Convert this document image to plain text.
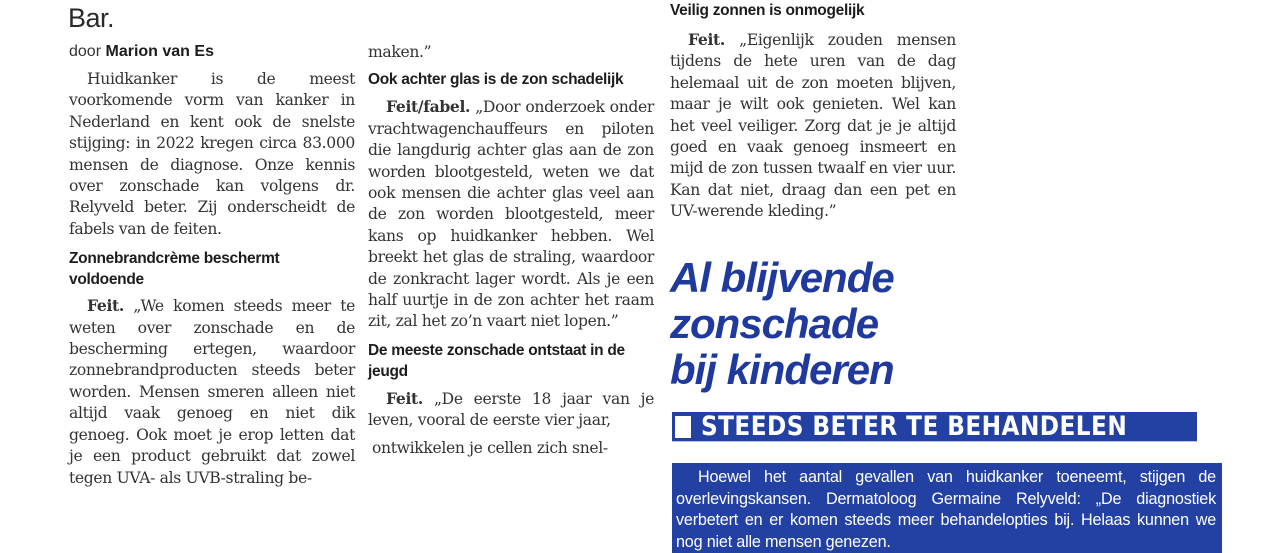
Bar.
door Marion van Es

Huidkanker is de meest voorkomende vorm van kanker in Nederland en kent ook de snelste stijging: in 2022 kregen circa 83.000 mensen de diagnose. Onze kennis over zonschade kan volgens dr. Relyveld beter. Zij onderscheidt de fabels van de feiten.

Zonnebrandcrème beschermt voldoende

Feit. „We komen steeds meer te weten over zonschade en de bescherming ertegen, waardoor zonnebrandproducten steeds beter worden. Mensen smeren alleen niet altijd vaak genoeg en niet dik genoeg. Ook moet je erop letten dat je een product gebruikt dat zowel tegen UVA- als UVB-straling be-

maken.”

Ook achter glas is de zon schadelijk

Feit/fabel. „Door onderzoek onder vrachtwagenchauffeurs en piloten die langdurig achter glas aan de zon worden blootgesteld, weten we dat ook mensen die achter glas veel aan de zon worden blootgesteld, meer kans op huidkanker hebben. Wel breekt het glas de straling, waardoor de zonkracht lager wordt. Als je een half uurtje in de zon achter het raam zit, zal het zo’n vaart niet lopen.”

De meeste zonschade ontstaat in de jeugd

Feit. „De eerste 18 jaar van je leven, vooral de eerste vier jaar,

ontwikkelen je cellen zich snel-

Veilig zonnen is onmogelijk

Feit. „Eigenlijk zouden mensen tijdens de hete uren van de dag helemaal uit de zon moeten blijven, maar je wilt ook genieten. Wel kan het veel veiliger. Zorg dat je je altijd goed en vaak genoeg insmeert en mijd de zon tussen twaalf en vier uur. Kan dat niet, draag dan een pet en UV-werende kleding.”

Al blijvende
zonschade
bij kinderen
STEEDS BETER TE BEHANDELEN

Hoewel het aantal gevallen van huidkanker toeneemt, stijgen de overlevingskansen. Dermatoloog Germaine Relyveld: „De diagnostiek verbetert en er komen steeds meer behandelopties bij. Helaas kunnen we nog niet alle mensen genezen.
